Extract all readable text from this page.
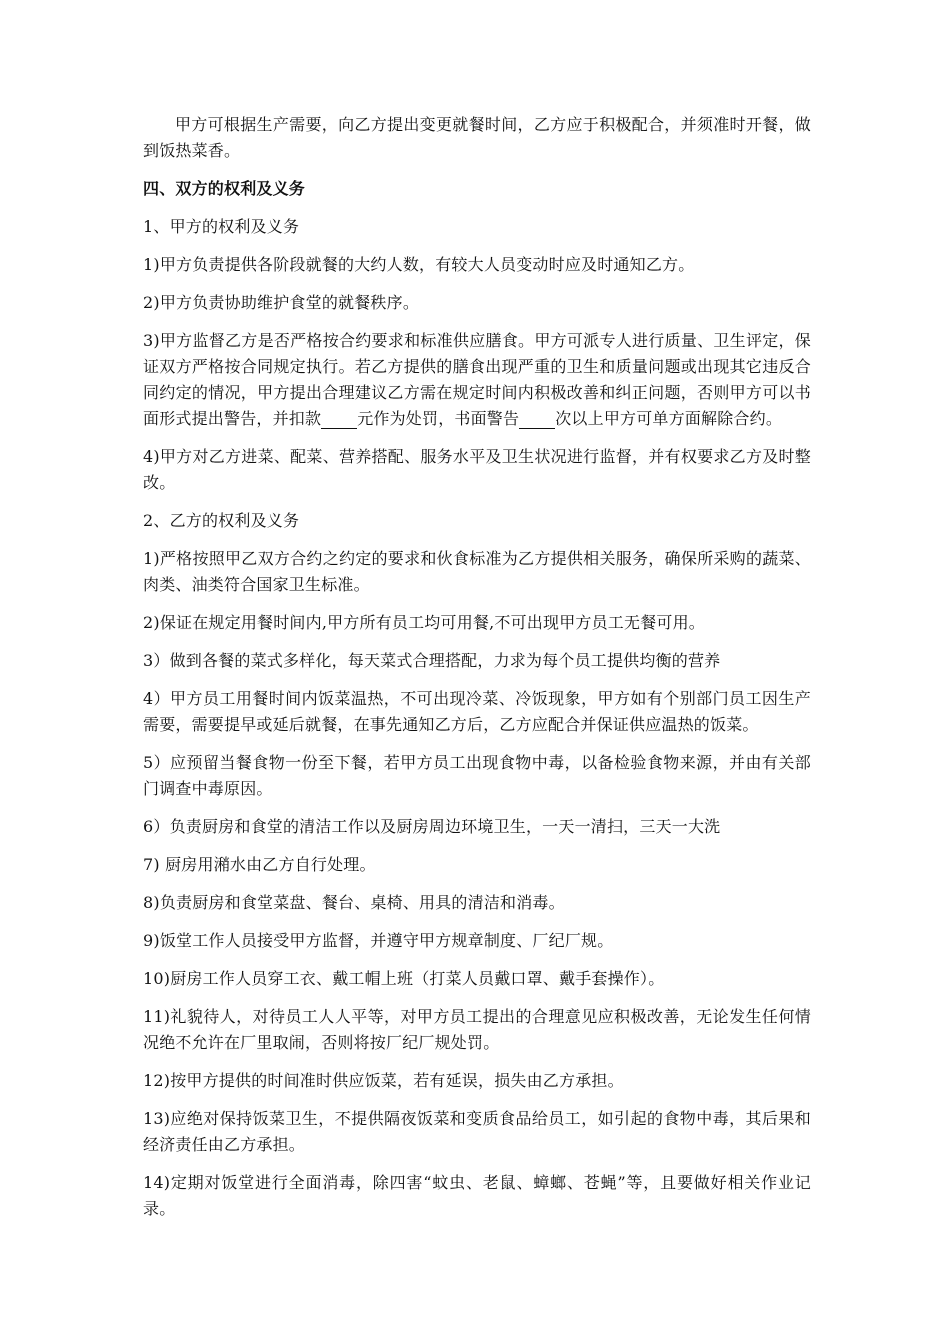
甲方可根据生产需要，向乙方提出变更就餐时间，乙方应于积极配合，并须准时开餐，做到饭热菜香。

四、双方的权利及义务

1、甲方的权利及义务

1)甲方负责提供各阶段就餐的大约人数，有较大人员变动时应及时通知乙方。

2)甲方负责协助维护食堂的就餐秩序。

3)甲方监督乙方是否严格按合约要求和标准供应膳食。甲方可派专人进行质量、卫生评定，保证双方严格按合同规定执行。若乙方提供的膳食出现严重的卫生和质量问题或出现其它违反合同约定的情况，甲方提出合理建议乙方需在规定时间内积极改善和纠正问题，否则甲方可以书面形式提出警告，并扣款 元作为处罚，书面警告 次以上甲方可单方面解除合约。

4)甲方对乙方进菜、配菜、营养搭配、服务水平及卫生状况进行监督，并有权要求乙方及时整改。

2、乙方的权利及义务

1)严格按照甲乙双方合约之约定的要求和伙食标准为乙方提供相关服务，确保所采购的蔬菜、肉类、油类符合国家卫生标准。

2)保证在规定用餐时间内,甲方所有员工均可用餐,不可出现甲方员工无餐可用。

3）做到各餐的菜式多样化，每天菜式合理搭配，力求为每个员工提供均衡的营养

4）甲方员工用餐时间内饭菜温热，不可出现冷菜、冷饭现象，甲方如有个别部门员工因生产需要，需要提早或延后就餐，在事先通知乙方后，乙方应配合并保证供应温热的饭菜。

5）应预留当餐食物一份至下餐，若甲方员工出现食物中毒，以备检验食物来源，并由有关部门调查中毒原因。

6）负责厨房和食堂的清洁工作以及厨房周边环境卫生，一天一清扫，三天一大洗

7) 厨房用潲水由乙方自行处理。

8)负责厨房和食堂菜盘、餐台、桌椅、用具的清洁和消毒。

9)饭堂工作人员接受甲方监督，并遵守甲方规章制度、厂纪厂规。

10)厨房工作人员穿工衣、戴工帽上班（打菜人员戴口罩、戴手套操作）。

11)礼貌待人，对待员工人人平等，对甲方员工提出的合理意见应积极改善，无论发生任何情况绝不允许在厂里取闹，否则将按厂纪厂规处罚。

12)按甲方提供的时间准时供应饭菜，若有延误，损失由乙方承担。

13)应绝对保持饭菜卫生，不提供隔夜饭菜和变质食品给员工，如引起的食物中毒，其后果和经济责任由乙方承担。

14)定期对饭堂进行全面消毒，除四害“蚊虫、老鼠、蟑螂、苍蝇”等，且要做好相关作业记录。
